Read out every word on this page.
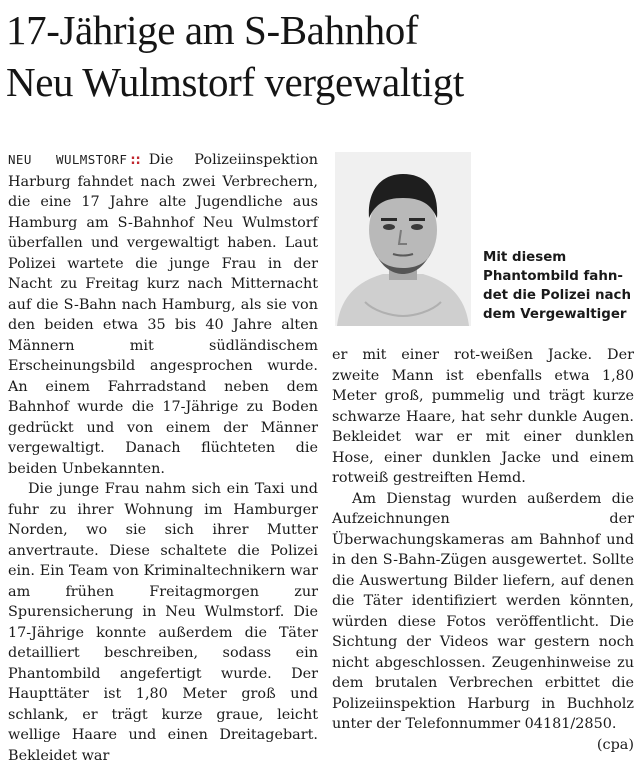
17-Jährige am S-Bahnhof
Neu Wulmstorf vergewaltigt

NEU WULMSTORF :: Die Polizeiinspektion Harburg fahndet nach zwei Verbrechern, die eine 17 Jahre alte Jugendliche aus Hamburg am S-Bahnhof Neu Wulmstorf überfallen und vergewaltigt haben. Laut Polizei wartete die junge Frau in der Nacht zu Freitag kurz nach Mitternacht auf die S-Bahn nach Hamburg, als sie von den beiden etwa 35 bis 40 Jahre alten Männern mit südländischem Erscheinungsbild angesprochen wurde. An einem Fahrradstand neben dem Bahnhof wurde die 17-Jährige zu Boden gedrückt und von einem der Männer vergewaltigt. Danach flüchteten die beiden Unbekannten.

Die junge Frau nahm sich ein Taxi und fuhr zu ihrer Wohnung im Hamburger Norden, wo sie sich ihrer Mutter anvertraute. Diese schaltete die Polizei ein. Ein Team von Kriminaltechnikern war am frühen Freitagmorgen zur Spurensicherung in Neu Wulmstorf. Die 17-Jährige konnte außerdem die Täter detailliert beschreiben, sodass ein Phantombild angefertigt wurde. Der Haupttäter ist 1,80 Meter groß und schlank, er trägt kurze graue, leicht wellige Haare und einen Dreitagebart. Bekleidet war

Mit diesem
Phantombild fahn-
det die Polizei nach
dem Vergewaltiger

er mit einer rot-weißen Jacke. Der zweite Mann ist ebenfalls etwa 1,80 Meter groß, pummelig und trägt kurze schwarze Haare, hat sehr dunkle Augen. Bekleidet war er mit einer dunklen Hose, einer dunklen Jacke und einem rotweiß gestreiften Hemd.

Am Dienstag wurden außerdem die Aufzeichnungen der Überwachungskameras am Bahnhof und in den S-Bahn-Zügen ausgewertet. Sollte die Auswertung Bilder liefern, auf denen die Täter identifiziert werden könnten, würden diese Fotos veröffentlicht. Die Sichtung der Videos war gestern noch nicht abgeschlossen. Zeugenhinweise zu dem brutalen Verbrechen erbittet die Polizeiinspektion Harburg in Buchholz unter der Telefonnummer 04181/2850.
(cpa)
